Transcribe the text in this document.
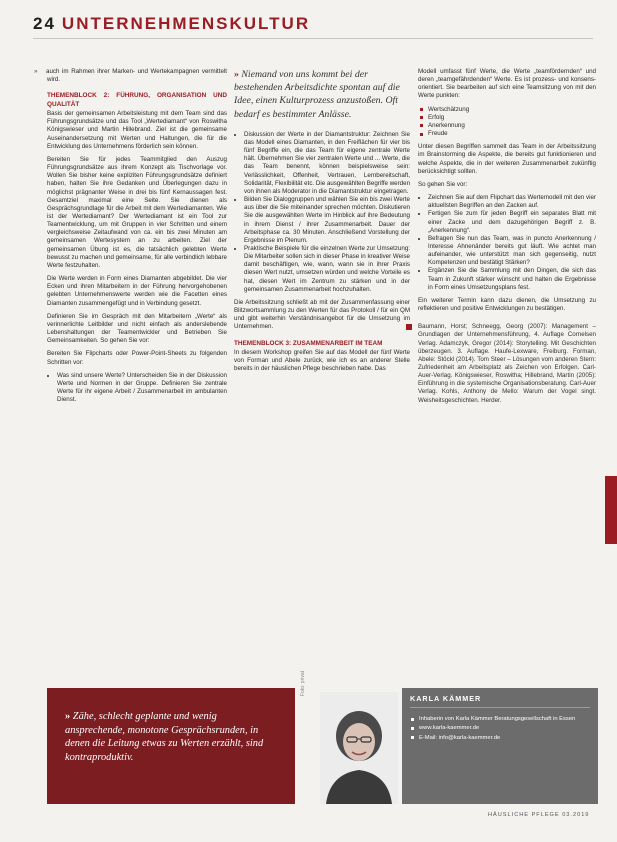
24 UNTERNEHMENSKULTUR

» auch im Rahmen ihrer Marken- und Wertekampagnen vermittelt wird.

THEMENBLOCK 2: FÜHRUNG, ORGANISATION UND QUALITÄT

Basis der gemeinsamen Arbeitsleistung mit dem Team sind das Führungsgrundsätze und das Tool „Wertediamant“ von Roswitha Königswieser und Martin Hillebrand. Ziel ist die gemeinsame Auseinandersetzung mit Werten und Haltungen, die für die Entwicklung des Unternehmens förderlich sein können.

Bereiten Sie für jedes Teammitglied den Auszug Führungsgrundsätze aus ihrem Konzept als Tischvorlage vor. Wollen Sie bisher keine expliziten Führungsgrundsätze definiert haben, halten Sie ihre Gedanken und Überlegungen dazu in möglichst prägnanter Weise in drei bis fünf Kernaussagen fest. Gesamtziel maximal eine Seite. Sie dienen als Gesprächsgrundlage für die Arbeit mit dem Wertediamanten. Wie ist der Wertediamant? Der Wertediamant ist ein Tool zur Teamentwicklung, um mit Gruppen in vier Schritten und einem vergleichsweise Zeitaufwand von ca. ein bis zwei Minuten am gemeinsamen Wertesystem an zu arbeiten. Ziel der gemeinsamen Übung ist es, die tatsächlich gelebten Werte bewusst zu machen und gemeinsame, für alle verbindlich lebbare Werte festzuhalten.

Die Werte werden in Form eines Diamanten abgebildet. Die vier Ecken und ihren Mitarbeitern in der Führung hervorgehobenen gelebten Unternehmenswerte werden wie die Facetten eines Diamanten zusammengefügt und in Verbindung gesetzt.

Definieren Sie im Gespräch mit den Mitarbeitern „Werte“ als verinnerlichte Leitbilder und nicht einfach als anderslebende Lebenshaltungen der Teamentwickler und Betrieben Sie Gemeinsamkeiten. So gehen Sie vor:

Bereiten Sie Flipcharts oder Power-Point-Sheets zu folgenden Schritten vor:

• Was sind unsere Werte? Unterscheiden Sie in der Diskussion Werte und Normen in der Gruppe. Definieren Sie zentrale Werte für ihr eigene Arbeit / Zusammenarbeit im ambulanten Dienst.
» Niemand von uns kommt bei der bestehenden Arbeitsdichte spontan auf die Idee, einen Kulturprozess anzustoßen. Oft bedarf es bestimmter Anlässe.
• Diskussion der Werte in der Diamantstruktur: Zeichnen Sie das Modell eines Diamanten, in den Freiflächen für vier bis fünf Begriffe ein, die das Team für eigene zentrale Werte hält. Übernehmen Sie vier zentralen Werte und ... Werte, die das Team benennt, können beispielsweise sein: Verlässlichkeit, Offenheit, Vertrauen, Lernbereitschaft, Solidarität, Flexibilität etc. Die ausgewählten Begriffe werden von ihnen als Moderator in die Diamantstruktur eingetragen.
• Bilden Sie Dialoggruppen und wählen Sie ein bis zwei Werte aus über die Sie miteinander sprechen möchten. Diskutieren Sie die ausgewählten Werte im Hinblick auf ihre Bedeutung in ihrem Dienst / ihrer Zusammenarbeit. Dauer der Arbeitsphase ca. 30 Minuten. Anschließend Vorstellung der Ergebnisse im Plenum.
• Praktische Beispiele für die einzelnen Werte zur Umsetzung: Die Mitarbeiter sollen sich in dieser Phase in kreativer Weise damit beschäftigen, wie, wann, wann sie in ihrer Praxis diesen Wert nutzt, umsetzen würden und welche Vorteile es hat, diesen Wert im Zentrum zu stärken und in der gemeinsamen Zusammenarbeit hochzuhalten.

Die Arbeitssitzung schließt ab mit der Zusammenfassung einer Blitzwortsammlung zu den Werten für das Protokoll / für ein QM und gibt weiterhin Verständnisangebot für die Umsetzung im Unternehmen.

THEMENBLOCK 3: ZUSAMMENARBEIT IM TEAM

In diesem Workshop greifen Sie auf das Modell der fünf Werte von Forman und Abele zurück, wie ich es an anderer Stelle bereits in der häuslichen Pflege beschrieben habe. Das

Modell umfasst fünf Werte, die Werte „teamfördernden“ und deren „teamgefährdenden“ Werte. Es ist prozess- und konsens-orientiert. Sie bearbeiten auf sich eine Teamsitzung von mit den Werte punkten:

Wertschätzung
Erfolg
Anerkennung
Freude

Unter diesen Begriffen sammelt das Team in der Arbeitssitzung im Brainstorming die Aspekte, die bereits gut funktionieren und welche Aspekte, die in der weiteren Zusammenarbeit zukünftig berücksichtigt sollten.

So gehen Sie vor:

• Zeichnen Sie auf dem Flipchart das Wertemodell mit den vier aktuellsten Begriffen an den Zacken auf.
• Fertigen Sie zum für jeden Begriff ein separates Blatt mit einer Zacke und dem dazugehörigen Begriff z. B. „Anerkennung“.
• Befragen Sie nun das Team, was in puncto Anerkennung / Interesse Ahnenänder bereits gut läuft. Wie achtet man aufeinander, wie unterstützt man sich gegenseitig, nutzt Kompetenzen und bestätigt Stärken?
• Ergänzen Sie die Sammlung mit den Dingen, die sich das Team in Zukunft stärker wünscht und halten die Ergebnisse in Form eines Umsetzungsplans fest.

Ein weiterer Termin kann dazu dienen, die Umsetzung zu reflektieren und positive Entwicklungen zu bestätigen.

Baumann, Horst; Schneegg, Georg (2007): Management – Grundlagen der Unternehmensführung, 4. Auflage Cornelsen Verlag. Adamczyk, Gregor (2014): Storytelling. Mit Geschichten überzeugen. 3. Auflage. Haufe-Lexware, Freiburg. Forman, Abele: Stöckl (2014). Tom Steer – Lösungen vom anderen Stern: Zufriedenheit am Arbeitsplatz als Zeichen von Erfolgen. Carl-Auer-Verlag. Königswieser, Roswitha; Hillebrand, Martin (2005): Einführung in die systemische Organisationsberatung. Carl-Auer Verlag. Kohls, Anthony de Mello: Warum der Vogel singt. Weisheitsgeschichten. Herder.
» Zähe, schlecht geplante und wenig ansprechende, monotone Gesprächsrunden, in denen die Leitung etwas zu Werten erzählt, sind kontraproduktiv.
Foto: privat
KARLA KÄMMER
Inhaberin von Karla Kämmer Beratungsgesellschaft in Essen
www.karla-kaemmer.de
E-Mail: info@karla-kaemmer.de
HÄUSLICHE PFLEGE 03.2019
